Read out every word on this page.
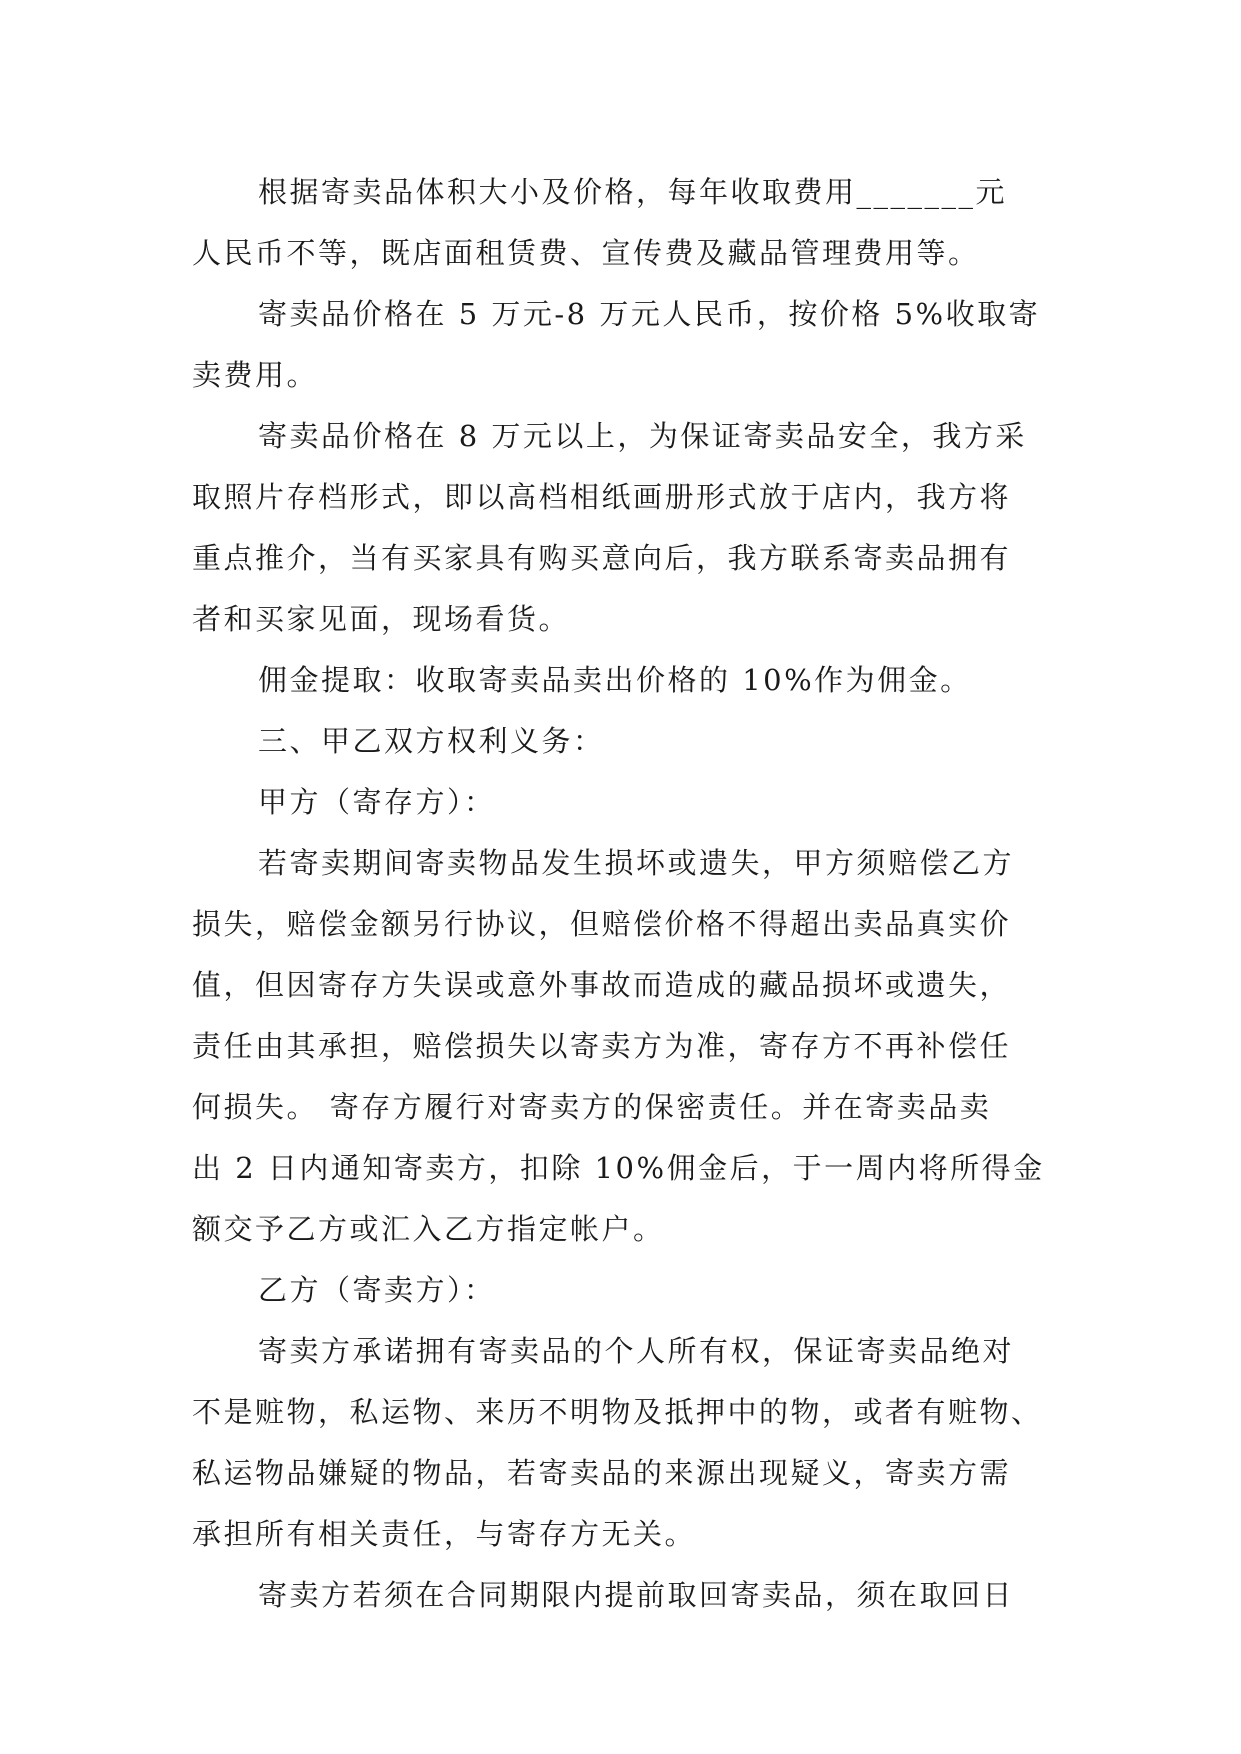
根据寄卖品体积大小及价格，每年收取费用_______元
人民币不等，既店面租赁费、宣传费及藏品管理费用等。
寄卖品价格在 5 万元-8 万元人民币，按价格 5%收取寄
卖费用。
寄卖品价格在 8 万元以上，为保证寄卖品安全，我方采
取照片存档形式，即以高档相纸画册形式放于店内，我方将
重点推介，当有买家具有购买意向后，我方联系寄卖品拥有
者和买家见面，现场看货。
佣金提取：收取寄卖品卖出价格的 10%作为佣金。
三、甲乙双方权利义务：
甲方（寄存方）：
若寄卖期间寄卖物品发生损坏或遗失，甲方须赔偿乙方
损失，赔偿金额另行协议，但赔偿价格不得超出卖品真实价
值，但因寄存方失误或意外事故而造成的藏品损坏或遗失，
责任由其承担，赔偿损失以寄卖方为准，寄存方不再补偿任
何损失。 寄存方履行对寄卖方的保密责任。并在寄卖品卖
出 2 日内通知寄卖方，扣除 10%佣金后，于一周内将所得金
额交予乙方或汇入乙方指定帐户。
乙方（寄卖方）：
寄卖方承诺拥有寄卖品的个人所有权，保证寄卖品绝对
不是赃物，私运物、来历不明物及抵押中的物，或者有赃物、
私运物品嫌疑的物品，若寄卖品的来源出现疑义，寄卖方需
承担所有相关责任，与寄存方无关。
寄卖方若须在合同期限内提前取回寄卖品，须在取回日
